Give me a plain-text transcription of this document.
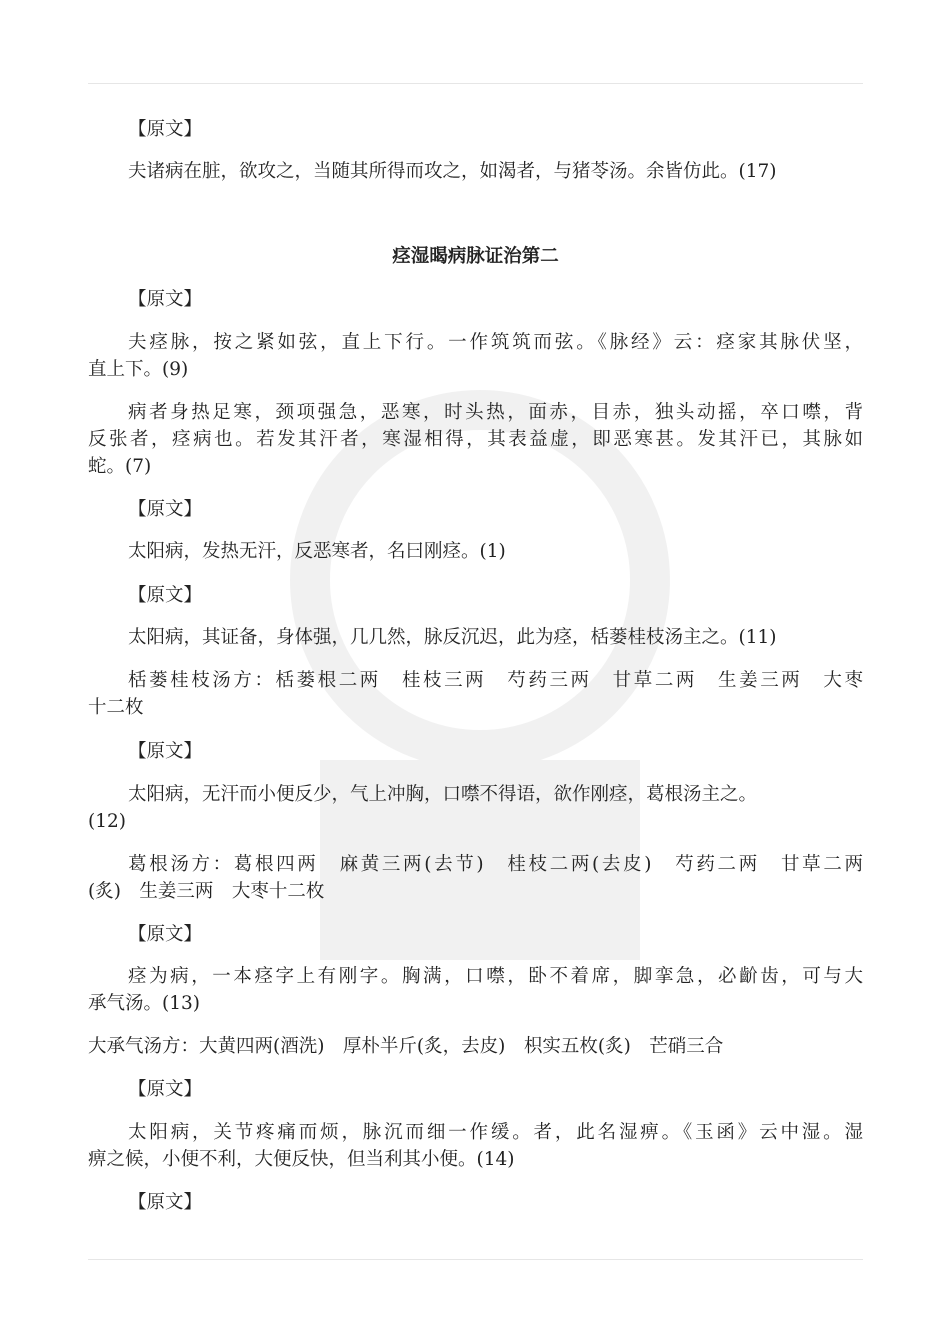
【原文】
夫诸病在脏，欲攻之，当随其所得而攻之，如渴者，与猪苓汤。余皆仿此。(17)
痉湿暍病脉证治第二
【原文】
夫痉脉，按之紧如弦，直上下行。一作筑筑而弦。《脉经》云：痉家其脉伏坚，
直上下。(9)
病者身热足寒，颈项强急，恶寒，时头热，面赤，目赤，独头动摇，卒口噤，背
反张者，痉病也。若发其汗者，寒湿相得，其表益虚，即恶寒甚。发其汗已，其脉如
蛇。(7)
【原文】
太阳病，发热无汗，反恶寒者，名曰刚痉。(1)
【原文】
太阳病，其证备，身体强，几几然，脉反沉迟，此为痉，栝蒌桂枝汤主之。(11)
栝蒌桂枝汤方：栝蒌根二两　桂枝三两　芍药三两　甘草二两　生姜三两　大枣
十二枚
【原文】
太阳病，无汗而小便反少，气上冲胸，口噤不得语，欲作刚痉，葛根汤主之。
(12)
葛根汤方：葛根四两　麻黄三两(去节)　桂枝二两(去皮)　芍药二两　甘草二两
(炙)　生姜三两　大枣十二枚
【原文】
痉为病，一本痉字上有刚字。胸满，口噤，卧不着席，脚挛急，必齘齿，可与大
承气汤。(13)
大承气汤方：大黄四两(酒洗)　厚朴半斤(炙，去皮)　枳实五枚(炙)　芒硝三合
【原文】
太阳病，关节疼痛而烦，脉沉而细一作缓。者，此名湿痹。《玉函》云中湿。湿
痹之候，小便不利，大便反快，但当利其小便。(14)
【原文】
